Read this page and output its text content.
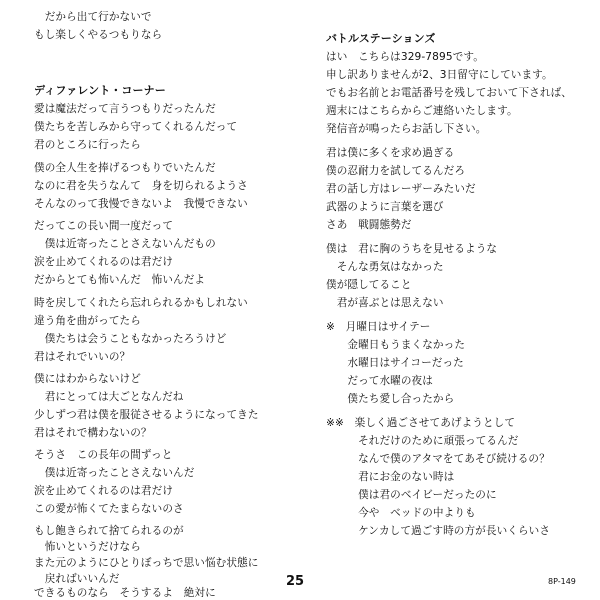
　だから出て行かないで
もし楽しくやるつもりなら
ディファレント・コーナー
愛は魔法だって言うつもりだったんだ
僕たちを苦しみから守ってくれるんだって
君のところに行ったら
僕の全人生を捧げるつもりでいたんだ
なのに君を失うなんて　身を切られるようさ
そんなのって我慢できないよ　我慢できない
だってこの長い間一度だって
　僕は近寄ったことさえないんだもの
涙を止めてくれるのは君だけ
だからとても怖いんだ　怖いんだよ
時を戻してくれたら忘れられるかもしれない
違う角を曲がってたら
　僕たちは会うこともなかったろうけど
君はそれでいいの？
僕にはわからないけど
　君にとっては大ごとなんだね
少しずつ君は僕を服従させるようになってきた
君はそれで構わないの？
そうさ　この長年の間ずっと
　僕は近寄ったことさえないんだ
涙を止めてくれるのは君だけ
この愛が怖くてたまらないのさ
もし飽きられて捨てられるのが
　怖いというだけなら
また元のようにひとりぼっちで思い悩む状態に
　戻ればいいんだ
できるものなら　そうするよ　絶対に
バトルステーションズ
はい　こちらは329-7895です。
申し訳ありませんが2、3日留守にしています。
でもお名前とお電話番号を残しておいて下されば、
週末にはこちらからご連絡いたします。
発信音が鳴ったらお話し下さい。
君は僕に多くを求め過ぎる
僕の忍耐力を試してるんだろ
君の話し方はレーザーみたいだ
武器のように言葉を選び
さあ　戦闘態勢だ
僕は　君に胸のうちを見せるような
　そんな勇気はなかった
僕が隠してること
　君が喜ぶとは思えない
※　月曜日はサイテー
　　金曜日もうまくなかった
　　水曜日はサイコーだった
　　だって水曜の夜は
　　僕たち愛し合ったから
※※　楽しく過ごさせてあげようとして
　　　それだけのために頑張ってるんだ
　　　なんで僕のアタマをてあそび続けるの？
　　　君にお金のない時は
　　　僕は君のベイビーだったのに
　　　今や　ベッドの中よりも
　　　ケンカして過ごす時の方が長いくらいさ
25	8P-149
